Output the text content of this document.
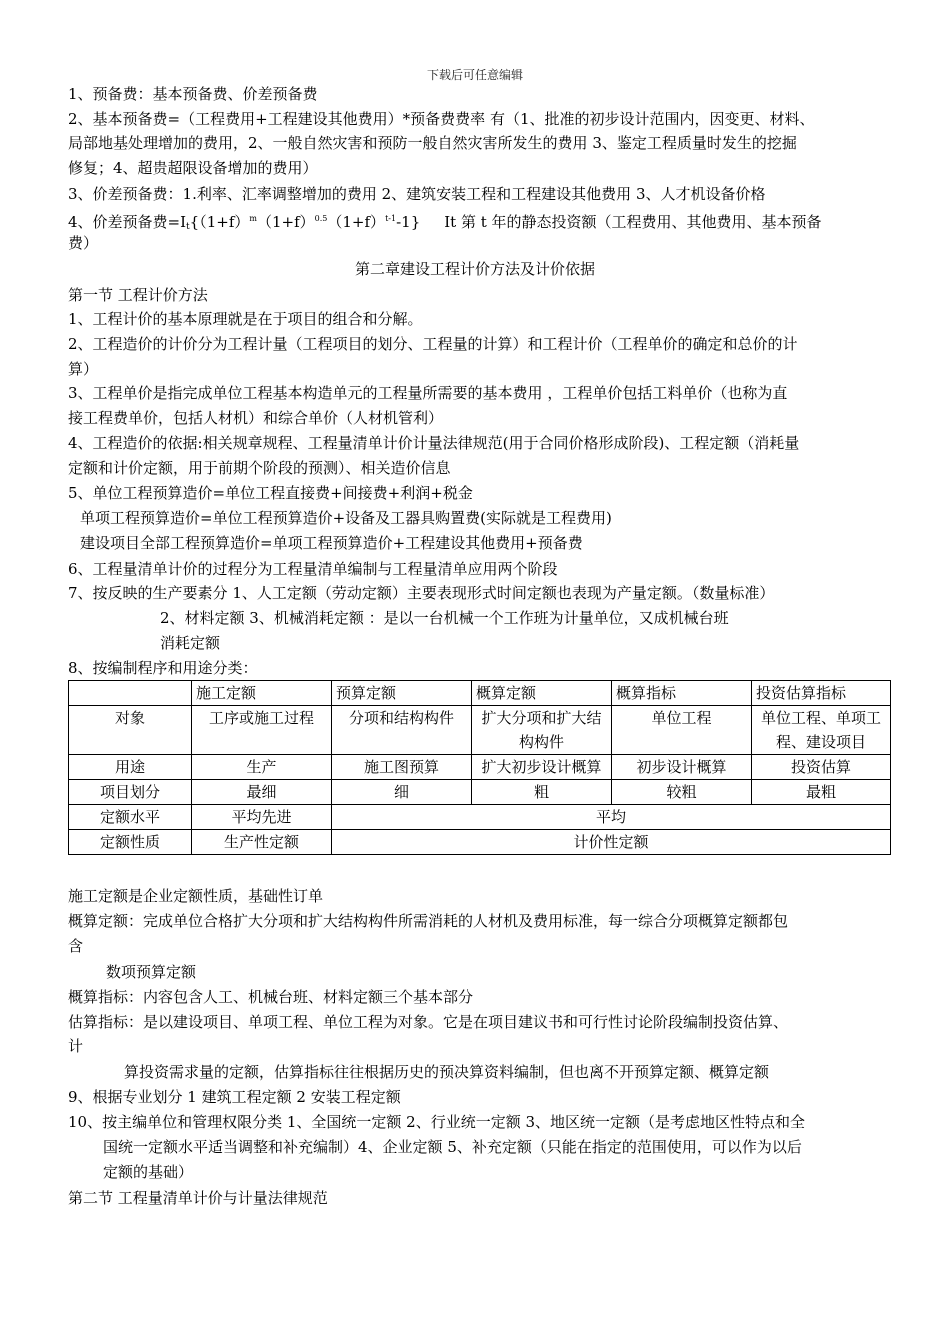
下载后可任意编辑
1、预备费：基本预备费、价差预备费
2、基本预备费=（工程费用+工程建设其他费用）*预备费费率 有（1、批准的初步设计范围内，因变更、材料、
局部地基处理增加的费用，2、一般自然灾害和预防一般自然灾害所发生的费用 3、鉴定工程质量时发生的挖掘
修复；4、超贵超限设备增加的费用）
3、价差预备费：1.利率、汇率调整增加的费用 2、建筑安装工程和工程建设其他费用 3、人才机设备价格
4、价差预备费$=I_t\{(1+f)^m(1+f)^{0.5}(1+f)^{t-1}-1\}$ It 第 t 年的静态投资额（工程费用、其他费用、基本预备
费）
第二章建设工程计价方法及计价依据
第一节 工程计价方法
1、工程计价的基本原理就是在于项目的组合和分解。
2、工程造价的计价分为工程计量（工程项目的划分、工程量的计算）和工程计价（工程单价的确定和总价的计
算）
3、工程单价是指完成单位工程基本构造单元的工程量所需要的基本费用 ，工程单价包括工料单价（也称为直
接工程费单价，包括人材机）和综合单价（人材机管利）
4、工程造价的依据:相关规章规程、工程量清单计价计量法律规范(用于合同价格形成阶段)、工程定额（消耗量
定额和计价定额，用于前期个阶段的预测）、相关造价信息
5、单位工程预算造价=单位工程直接费+间接费+利润+税金
单项工程预算造价=单位工程预算造价+设备及工器具购置费(实际就是工程费用)
建设项目全部工程预算造价=单项工程预算造价+工程建设其他费用+预备费
6、工程量清单计价的过程分为工程量清单编制与工程量清单应用两个阶段
7、按反映的生产要素分 1、人工定额（劳动定额）主要表现形式时间定额也表现为产量定额。（数量标准）
2、材料定额 3、机械消耗定额 ：是以一台机械一个工作班为计量单位，又成机械台班
消耗定额
8、按编制程序和用途分类：
	施工定额	预算定额	概算定额	概算指标	投资估算指标
对象	工序或施工过程	分项和结构构件	扩大分项和扩大结构构件	单位工程	单位工程、单项工程、建设项目
用途	生产	施工图预算	扩大初步设计概算	初步设计概算	投资估算
项目划分	最细	细	粗	较粗	最粗
定额水平	平均先进	平均			
定额性质	生产性定额	计价性定额			
施工定额是企业定额性质，基础性订单
概算定额：完成单位合格扩大分项和扩大结构构件所需消耗的人材机及费用标准，每一综合分项概算定额都包
含
数项预算定额
概算指标：内容包含人工、机械台班、材料定额三个基本部分
估算指标：是以建设项目、单项工程、单位工程为对象。它是在项目建议书和可行性讨论阶段编制投资估算、
计
算投资需求量的定额，估算指标往往根据历史的预决算资料编制，但也离不开预算定额、概算定额
9、根据专业划分 1 建筑工程定额 2 安装工程定额
10、按主编单位和管理权限分类 1、全国统一定额 2、行业统一定额 3、地区统一定额（是考虑地区性特点和全
国统一定额水平适当调整和补充编制）4、企业定额 5、补充定额（只能在指定的范围使用，可以作为以后
定额的基础）
第二节 工程量清单计价与计量法律规范
